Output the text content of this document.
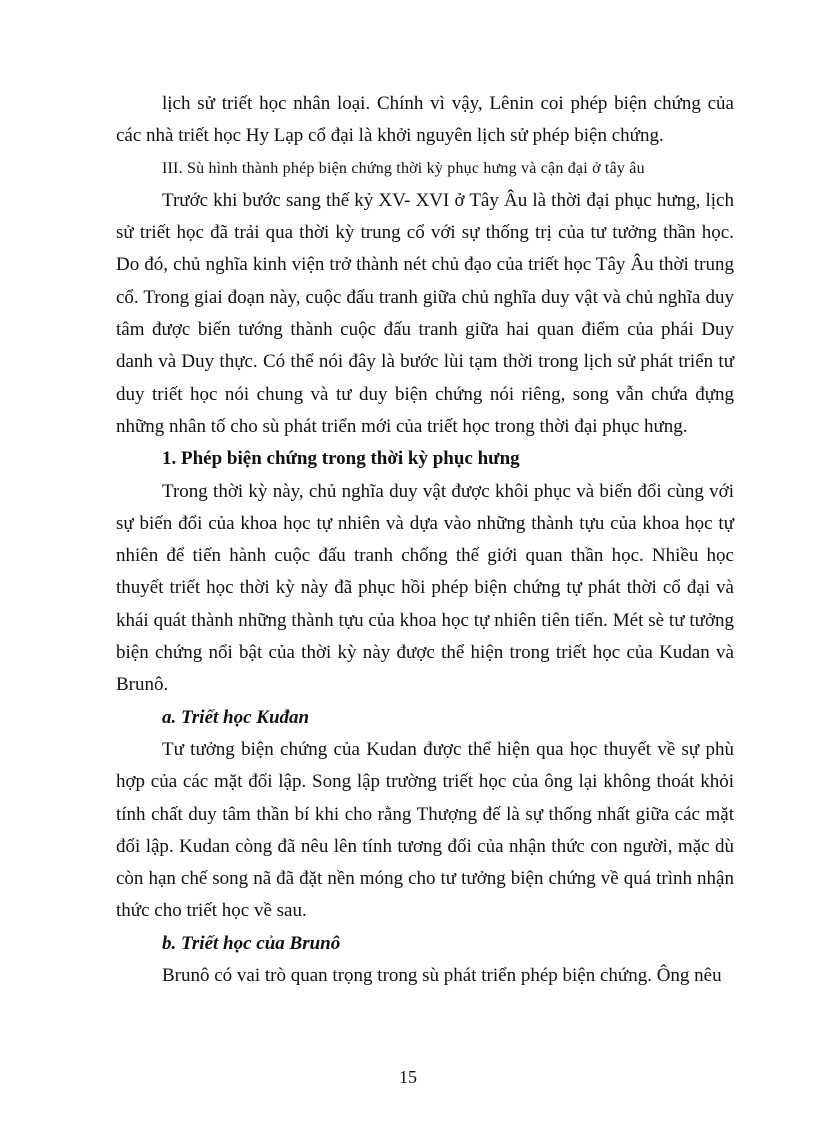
lịch sử triết học nhân loại. Chính vì vậy, Lênin coi phép biện chứng của các nhà triết học Hy Lạp cổ đại là khởi nguyên lịch sử phép biện chứng.

III. Sù hình thành phép biện chứng thời kỳ phục hưng và cận đại ở tây âu

Trước khi bước sang thế kỷ XV- XVI ở Tây Âu là thời đại phục hưng, lịch sử triết học đã trải qua thời kỳ trung cổ với sự thống trị của tư tưởng thần học. Do đó, chủ nghĩa kinh viện trở thành nét chủ đạo của triết học Tây Âu thời trung cổ. Trong giai đoạn này, cuộc đấu tranh giữa chủ nghĩa duy vật và chủ nghĩa duy tâm được biến tướng thành cuộc đấu tranh giữa hai quan điểm của phái Duy danh và Duy thực. Có thể nói đây là bước lùi tạm thời trong lịch sử phát triển tư duy triết học nói chung và tư duy biện chứng nói riêng, song vẫn chứa đựng những nhân tố cho sù phát triển mới của triết học trong thời đại phục hưng.

1. Phép biện chứng trong thời kỳ phục hưng

Trong thời kỳ này, chủ nghĩa duy vật được khôi phục và biến đổi cùng với sự biến đổi của khoa học tự nhiên và dựa vào những thành tựu của khoa học tự nhiên để tiến hành cuộc đấu tranh chống thế giới quan thần học. Nhiều học thuyết triết học thời kỳ này đã phục hồi phép biện chứng tự phát thời cổ đại và khái quát thành những thành tựu của khoa học tự nhiên tiên tiến. Mét sè tư tưởng biện chứng nổi bật của thời kỳ này được thể hiện trong triết học của Kudan và Brunô.

a. Triết học Kuđan

Tư tưởng biện chứng của Kudan được thể hiện qua học thuyết về sự phù hợp của các mặt đối lập. Song lập trường triết học của ông lại không thoát khỏi tính chất duy tâm thần bí khi cho rằng Thượng đế là sự thống nhất giữa các mặt đối lập. Kudan còng đã nêu lên tính tương đối của nhận thức con người, mặc dù còn hạn chế song nã đã đặt nền móng cho tư tưởng biện chứng về quá trình nhận thức cho triết học về sau.

b. Triết học của Brunô

Brunô có vai trò quan trọng trong sù phát triển phép biện chứng. Ông nêu

15
